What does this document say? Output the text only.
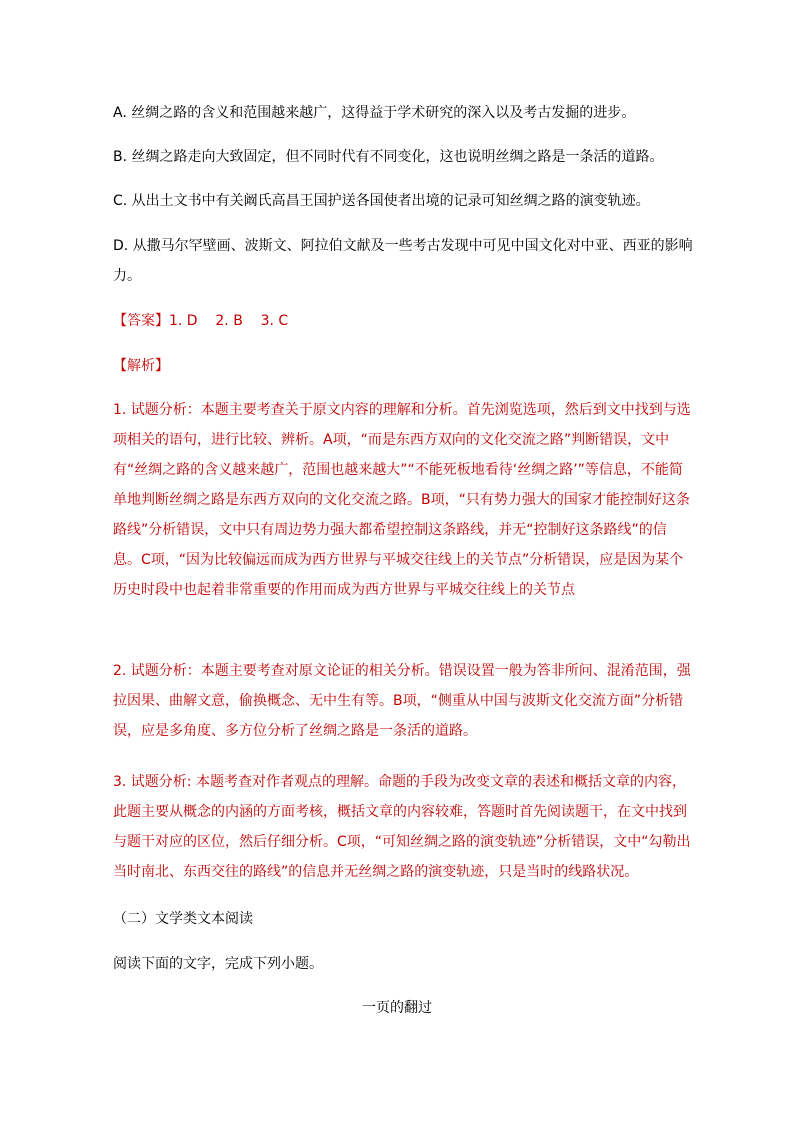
A. 丝绸之路的含义和范围越来越广，这得益于学术研究的深入以及考古发掘的进步。

B. 丝绸之路走向大致固定，但不同时代有不同变化，这也说明丝绸之路是一条活的道路。

C. 从出土文书中有关阚氏高昌王国护送各国使者出境的记录可知丝绸之路的演变轨迹。

D. 从撒马尔罕壁画、波斯文、阿拉伯文献及一些考古发现中可见中国文化对中亚、西亚的影响力。

【答案】1. D    2. B    3. C

【解析】

1. 试题分析：本题主要考查关于原文内容的理解和分析。首先浏览选项，然后到文中找到与选项相关的语句，进行比较、辨析。A项，“而是东西方双向的文化交流之路”判断错误，文中有“丝绸之路的含义越来越广，范围也越来越大”“不能死板地看待‘丝绸之路’”等信息，不能简单地判断丝绸之路是东西方双向的文化交流之路。B项，“只有势力强大的国家才能控制好这条路线”分析错误，文中只有周边势力强大都希望控制这条路线，并无“控制好这条路线”的信息。C项，“因为比较偏远而成为西方世界与平城交往线上的关节点”分析错误，应是因为某个历史时段中也起着非常重要的作用而成为西方世界与平城交往线上的关节点

2. 试题分析：本题主要考查对原文论证的相关分析。错误设置一般为答非所问、混淆范围，强拉因果、曲解文意，偷换概念、无中生有等。B项，“侧重从中国与波斯文化交流方面”分析错误，应是多角度、多方位分析了丝绸之路是一条活的道路。

3. 试题分析: 本题考查对作者观点的理解。命题的手段为改变文章的表述和概括文章的内容，此题主要从概念的内涵的方面考核，概括文章的内容较难，答题时首先阅读题干，在文中找到与题干对应的区位，然后仔细分析。C项，“可知丝绸之路的演变轨迹”分析错误，文中“勾勒出当时南北、东西交往的路线”的信息并无丝绸之路的演变轨迹，只是当时的线路状况。

（二）文学类文本阅读

阅读下面的文字，完成下列小题。

一页的翻过
